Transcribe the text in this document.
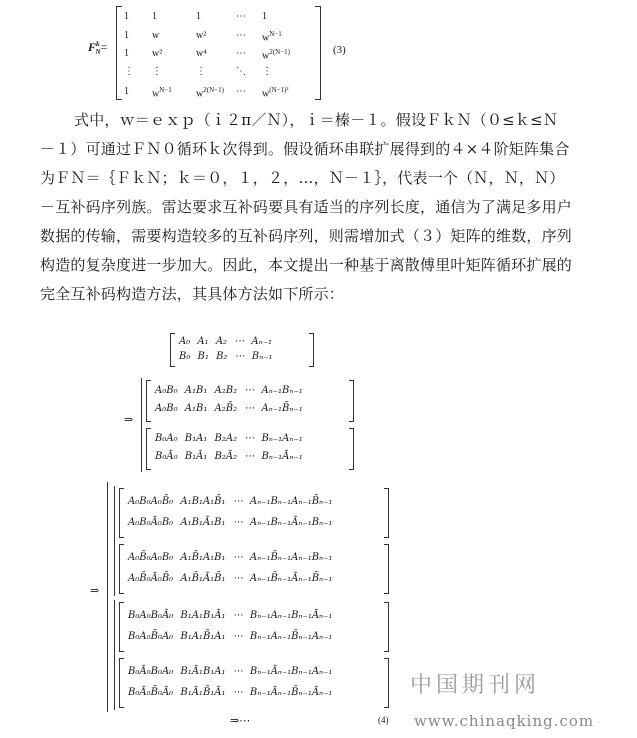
$F^k_N=$
1 1	1	⋯ 1
1 w	w²	⋯ $w^{N-1}$
1 w²	w⁴	⋯ $w^{2(N-1)}$
⋮ ⋮	⋮	⋱ ⋮
1 $w^{N-1}$ $w^{2(N-1)}$ ⋯ $w^{(N-1)^2}$
(3)
式中，ｗ＝ｅｘｐ（ｉ２π／Ｎ），ｉ＝榛－１。假设ＦｋＮ（０≤ｋ≤Ｎ
－１）可通过ＦＮ０循环ｋ次得到。假设循环串联扩展得到的４×４阶矩阵集合
为ＦＮ＝｛ＦｋＮ；ｋ＝０，１，２，…，Ｎ－１｝，代表一个（Ｎ，Ｎ，Ｎ）
－互补码序列族。雷达要求互补码要具有适当的序列长度，通信为了满足多用户
数据的传输，需要构造较多的互补码序列，则需增加式（３）矩阵的维数，序列
构造的复杂度进一步加大。因此，本文提出一种基于离散傅里叶矩阵循环扩展的
完全互补码构造方法，其具体方法如下所示：
A₀ A₁ A₂ ⋯ Aₙ₋₁
B₀ B₁ B₂ ⋯ Bₙ₋₁
⇒
A₀B₀ A₁B₁ A₂B₂ ⋯ Aₙ₋₁Bₙ₋₁
A₀B₀ A₁B₁ A₂B̄₂ ⋯ Aₙ₋₁B̄ₙ₋₁
B₀A₀ B₁A₁ B₂A₂ ⋯ Bₙ₋₁Aₙ₋₁
B₀Ā₀ B₁Ā₁ B₂Ā₂ ⋯ Bₙ₋₁Āₙ₋₁
⇒
A₀B₀A₀B̄₀ A₁B₁A₁B̄₁ ⋯ Aₙ₋₁Bₙ₋₁Aₙ₋₁B̄ₙ₋₁
A₀B₀Ā₀B₀ A₁B₁Ā₁B₁ ⋯ Aₙ₋₁Bₙ₋₁Āₙ₋₁Bₙ₋₁
A₀B̄₀A₀B₀ A₁B̄₁A₁B₁ ⋯ Aₙ₋₁B̄ₙ₋₁Aₙ₋₁Bₙ₋₁
A₀B̄₀Ā₀B̄₀ A₁B̄₁Ā₁B̄₁ ⋯ Aₙ₋₁B̄ₙ₋₁Āₙ₋₁B̄ₙ₋₁
B₀A₀B₀Ā₀ B₁A₁B₁Ā₁ ⋯ Bₙ₋₁Aₙ₋₁Bₙ₋₁Āₙ₋₁
B₀A₀B̄₀A₀ B₁A₁B̄₁A₁ ⋯ Bₙ₋₁Aₙ₋₁B̄ₙ₋₁Aₙ₋₁
B₀Ā₀B₀A₀ B₁Ā₁B₁A₁ ⋯ Bₙ₋₁Āₙ₋₁Bₙ₋₁Aₙ₋₁
B₀Ā₀B̄₀Ā₀ B₁Ā₁B̄₁Ā₁ ⋯ Bₙ₋₁Āₙ₋₁B̄ₙ₋₁Āₙ₋₁
⇒⋯	(4)
中国期刊网
www.chinaqking.com
